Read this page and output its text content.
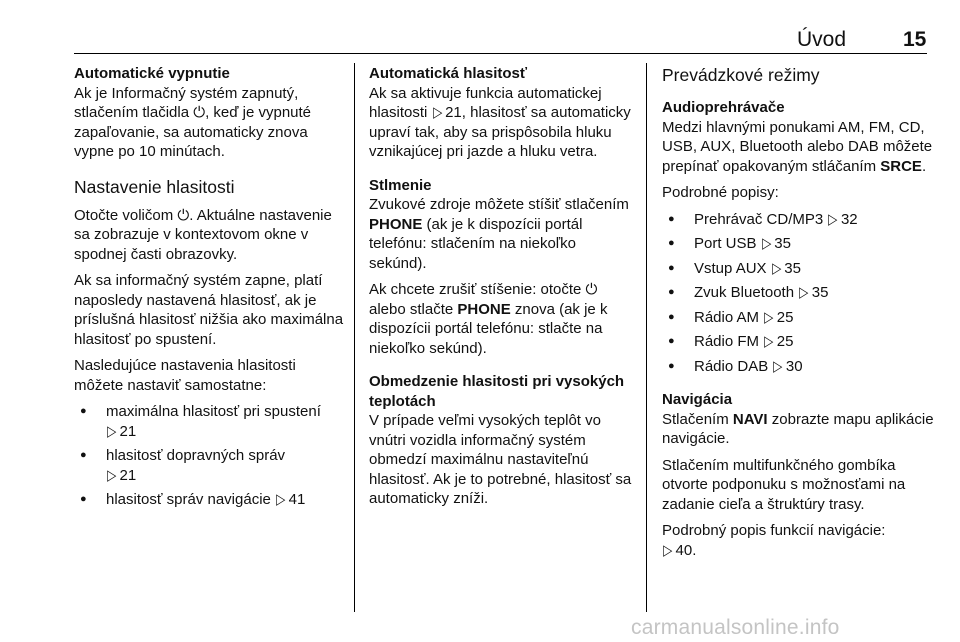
Úvod	15

Automatické vypnutie

Ak je Informačný systém zapnutý, stlačením tlačidla ⏻, keď je vypnuté zapaľovanie, sa automaticky znova vypne po 10 minútach.

Nastavenie hlasitosti

Otočte voličom ⏻. Aktuálne nastavenie sa zobrazuje v kontextovom okne v spodnej časti obrazovky.

Ak sa informačný systém zapne, platí naposledy nastavená hlasitosť, ak je príslušná hlasitosť nižšia ako maximálna hlasitosť po spustení.

Nasledujúce nastavenia hlasitosti môžete nastaviť samostatne:

● maximálna hlasitosť pri spustení
▷ 21
● hlasitosť dopravných správ
▷ 21
● hlasitosť správ navigácie ▷ 41

Automatická hlasitosť

Ak sa aktivuje funkcia automatickej hlasitosti ▷ 21, hlasitosť sa automaticky upraví tak, aby sa prispôsobila hluku vznikajúcej pri jazde a hluku vetra.

Stlmenie

Zvukové zdroje môžete stíšiť stlačením PHONE (ak je k dispozícii portál telefónu: stlačením na niekoľko sekúnd).

Ak chcete zrušiť stíšenie: otočte ⏻ alebo stlačte PHONE znova (ak je k dispozícii portál telefónu: stlačte na niekoľko sekúnd).

Obmedzenie hlasitosti pri vysokých teplotách

V prípade veľmi vysokých teplôt vo vnútri vozidla informačný systém obmedzí maximálnu nastaviteľnú hlasitosť. Ak je to potrebné, hlasitosť sa automaticky zníži.

Prevádzkové režimy

Audioprehrávače

Medzi hlavnými ponukami AM, FM, CD, USB, AUX, Bluetooth alebo DAB môžete prepínať opakovaným stláčaním SRCE.

Podrobné popisy:

● Prehrávač CD/MP3 ▷ 32
● Port USB ▷ 35
● Vstup AUX ▷ 35
● Zvuk Bluetooth ▷ 35
● Rádio AM ▷ 25
● Rádio FM ▷ 25
● Rádio DAB ▷ 30

Navigácia

Stlačením NAVI zobrazte mapu aplikácie navigácie.

Stlačením multifunkčného gombíka otvorte podponuku s možnosťami na zadanie cieľa a štruktúry trasy.

Podrobný popis funkcií navigácie:
▷ 40.

carmanualsonline.info
